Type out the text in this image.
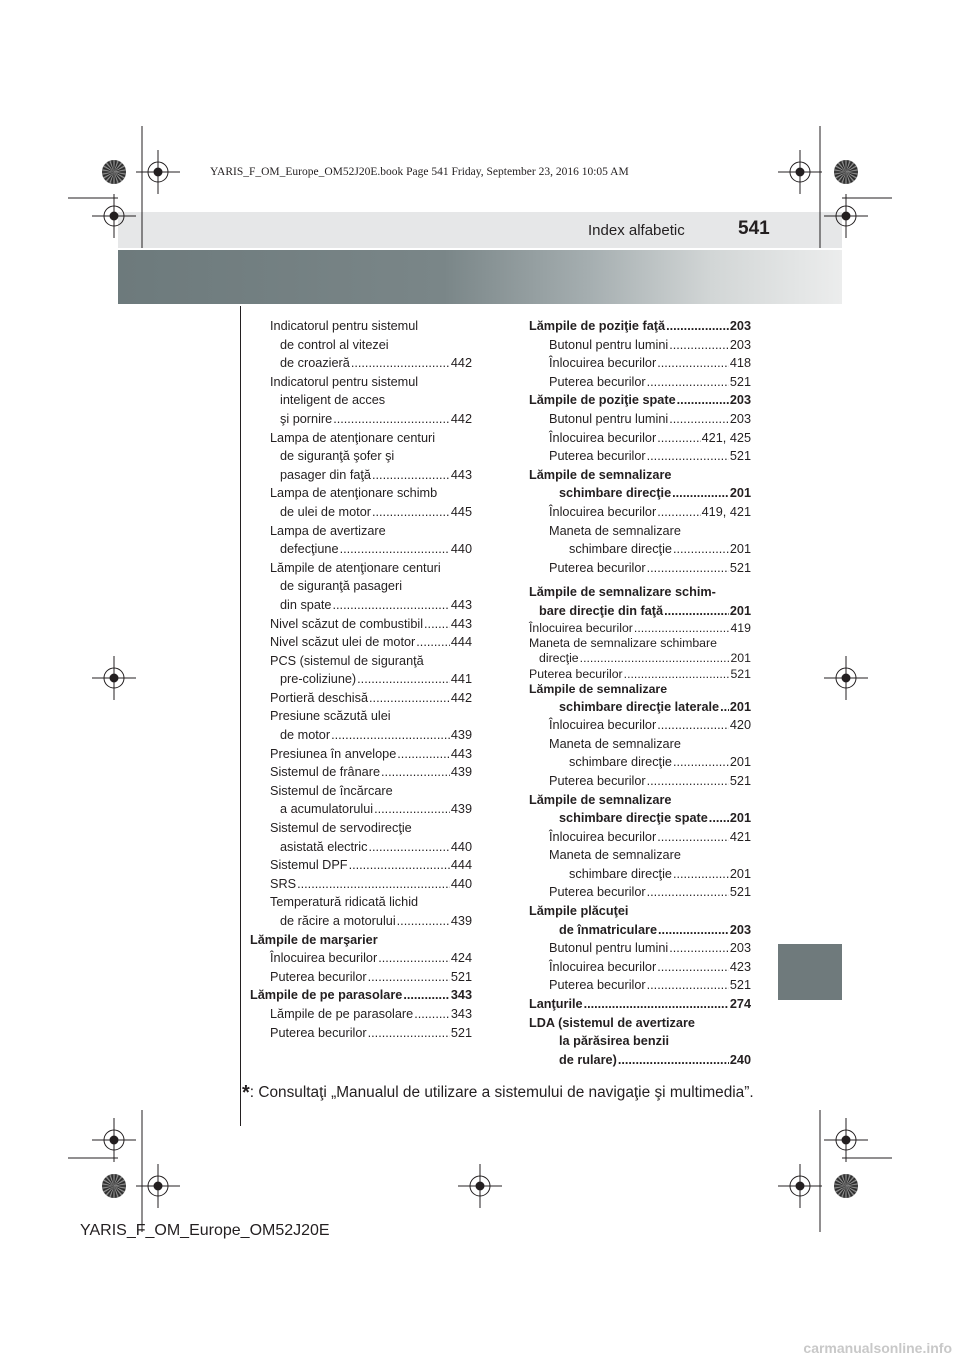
YARIS_F_OM_Europe_OM52J20E.book Page 541 Friday, September 23, 2016 10:05 AM
Index alfabetic	541
Indicatorul pentru sistemul
de control al vitezei
de croazieră .....	442
Indicatorul pentru sistemul
inteligent de acces
şi pornire .....	442
Lampa de atenţionare centuri
de siguranţă şofer şi
pasager din faţă .....	443
Lampa de atenţionare schimb
de ulei de motor .....	445
Lampa de avertizare
defecţiune .....	440
Lămpile de atenţionare centuri
de siguranţă pasageri
din spate .....	443
Nivel scăzut de combustibil ..... 443
Nivel scăzut ulei de motor .....	444
PCS (sistemul de siguranţă
pre-coliziune) .....	441
Portieră deschisă .....	442
Presiune scăzută ulei
de motor .....	439
Presiunea în anvelope .....	443
Sistemul de frânare .....	439
Sistemul de încărcare
a acumulatorului .....	439
Sistemul de servodirecţie
asistată electric .....	440
Sistemul DPF .....	444
SRS .....	440
Temperatură ridicată lichid
de răcire a motorului .....	439
Lămpile de marşarier
Înlocuirea becurilor .....	424
Puterea becurilor .....	521
Lămpile de pe parasolare .....	343
Lămpile de pe parasolare .....	343
Puterea becurilor .....	521
Lămpile de poziţie faţă .....	203
Butonul pentru lumini .....	203
Înlocuirea becurilor .....	418
Puterea becurilor .....	521
Lămpile de poziţie spate .....	203
Butonul pentru lumini .....	203
Înlocuirea becurilor .....	421, 425
Puterea becurilor .....	521
Lămpile de semnalizare
schimbare direcţie .....	201
Înlocuirea becurilor .....	419, 421
Maneta de semnalizare
schimbare direcţie .....	201
Puterea becurilor .....	521
Lămpile de semnalizare schim-
bare direcţie din faţă .....	201
Înlocuirea becurilor .....	419
Maneta de semnalizare schimbare
direcţie .....	201
Puterea becurilor .....	521
Lămpile de semnalizare
schimbare direcţie laterale ..... 201
Înlocuirea becurilor .....	420
Maneta de semnalizare
schimbare direcţie .....	201
Puterea becurilor .....	521
Lămpile de semnalizare
schimbare direcţie spate ..... 201
Înlocuirea becurilor .....	421
Maneta de semnalizare
schimbare direcţie .....	201
Puterea becurilor .....	521
Lămpile plăcuţei
de înmatriculare .....	203
Butonul pentru lumini .....	203
Înlocuirea becurilor .....	423
Puterea becurilor .....	521
Lanţurile .....	274
LDA (sistemul de avertizare
la părăsirea benzii
de rulare) .....	240
*: Consultaţi „Manualul de utilizare a sistemului de navigaţie şi multimedia”.
YARIS_F_OM_Europe_OM52J20E
carmanualsonline.info
